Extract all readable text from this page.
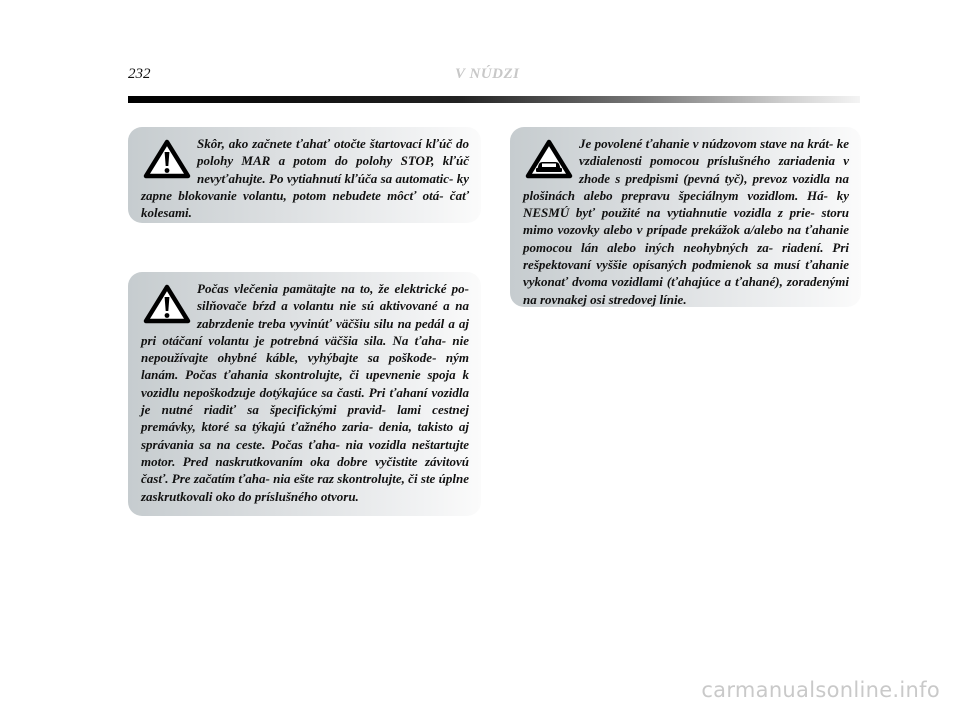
232	V NÚDZI
Skôr, ako začnete ťahať otočte štartovací kľúč do polohy MAR a potom do polohy STOP, kľúč nevyťahujte. Po vytiahnutí kľúča sa automatic- ky zapne blokovanie volantu, potom nebudete môcť otá- čať kolesami.
Počas vlečenia pamätajte na to, že elektrické po- silňovače bŕzd a volantu nie sú aktivované a na zabrzdenie treba vyvinúť väčšiu silu na pedál a aj pri otáčaní volantu je potrebná väčšia sila. Na ťaha- nie nepoužívajte ohybné káble, vyhýbajte sa poškode- ným lanám. Počas ťahania skontrolujte, či upevnenie spoja k vozidlu nepoškodzuje dotýkajúce sa časti. Pri ťahaní vozidla je nutné riadiť sa špecifickými pravid- lami cestnej premávky, ktoré sa týkajú ťažného zaria- denia, takisto aj správania sa na ceste. Počas ťaha- nia vozidla neštartujte motor. Pred naskrutkovaním oka dobre vyčistite závitovú časť. Pre začatím ťaha- nia ešte raz skontrolujte, či ste úplne zaskrutkovali oko do príslušného otvoru.
Je povolené ťahanie v núdzovom stave na krát- ke vzdialenosti pomocou príslušného zariadenia v zhode s predpismi (pevná tyč), prevoz vozidla na plošinách alebo prepravu špeciálnym vozidlom. Há- ky NESMÚ byť použité na vytiahnutie vozidla z prie- storu mimo vozovky alebo v prípade prekážok a/alebo na ťahanie pomocou lán alebo iných neohybných za- riadení. Pri rešpektovaní vyššie opísaných podmienok sa musí ťahanie vykonať dvoma vozidlami (ťahajúce a ťahané), zoradenými na rovnakej osi stredovej línie.
carmanualsonline.info
